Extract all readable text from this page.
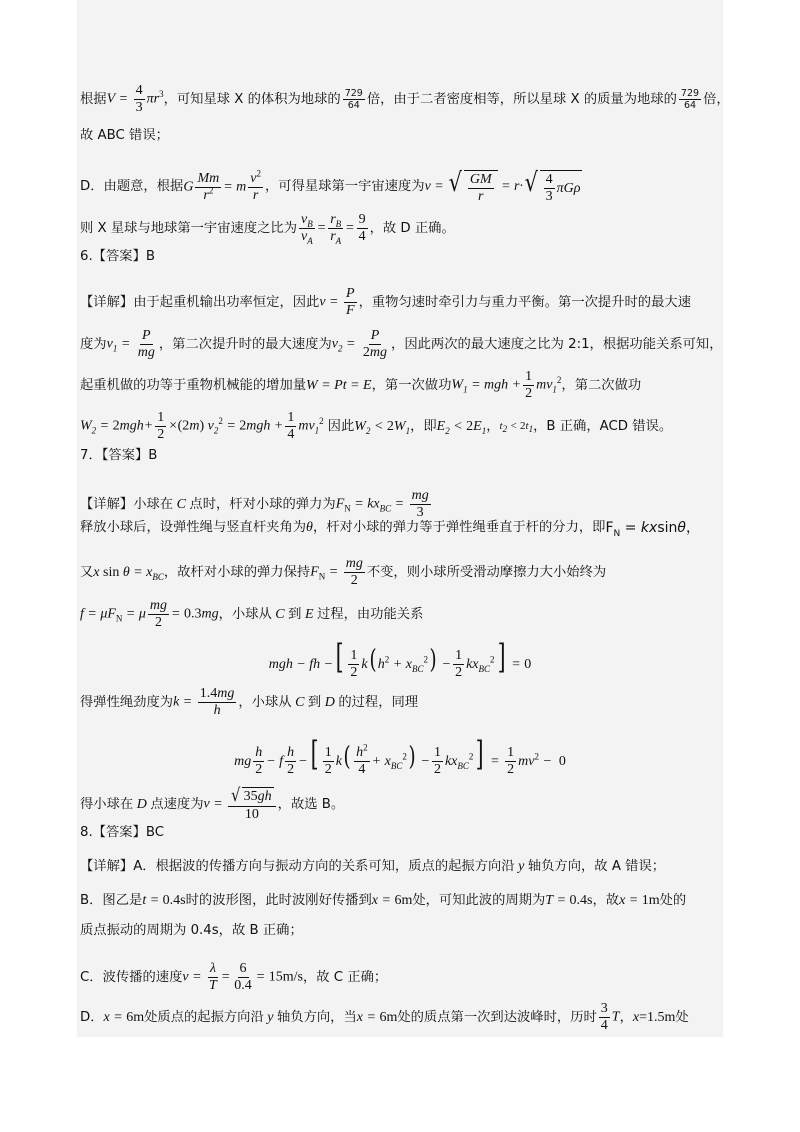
根据 $V = \frac{4}{3} \pi r^3$ ，可知星球 X 的体积为地球的 $\frac{729}{64}$ 倍，由于二者密度相等，所以星球 X 的质量为地球的 $\frac{729}{64}$ 倍，
故 ABC 错误；
D．由题意，根据 G $\frac{Mm}{r^2} = m \frac{v^2}{r}$ ，可得星球第一宇宙速度为 v = √ $\frac{GM}{r} = r\cdot$ √ $\frac{4}{3}$ πGρ
则 X 星球与地球第一宇宙速度之比为 $\frac{v_B}{v_A} = \frac{r_B}{r_A} = \frac{9}{4}$ ，故 D 正确。
6.【答案】B
【详解】 由于起重机输出功率恒定，因此 $v = \frac{P}{F}$ ，重物匀速时牵引力与重力平衡。第一次提升时的最大速
度为 $v_1 = \frac{P}{mg}$ ，第二次提升时的最大速度为 $v_2 = \frac{P}{2mg}$ ，因此两次的最大速度之比为 2:1，根据功能关系可知，
起重机做的功等于重物机械能的增加量 W = Pt = E ，第一次做功 $W_1$ = mgh + $\frac{1}{2} mv_1^2$ ，第二次做功
$W_2 = 2mgh+ \frac{1}{2} \times(2m) v_2^2 = 2mgh + \frac{1}{4} mv_1^2$ 因此 $W_2 < 2W_1$ ，即 $E_2 < 2E_1$ ， $t_2 < 2t_1$ ，B 正确，ACD 错误。
7．【答案】B
【详解】 小球在 C 点时，杆对小球的弹力为 $F_N = kx_{BC} = \frac{mg}{3}$
释放小球后，设弹性绳与竖直杆夹角为 θ ，杆对小球的弹力等于弹性绳垂直于杆的分力，即 $F_N = kxsin\theta$，
又 x $\sin \theta = x_{BC}$ ，故杆对小球的弹力保持 $F_N = \frac{mg}{2}$ 不变，则小球所受滑动摩擦力大小始终为
$f = \mu F_N = \mu \frac{mg}{2} = 0.3mg$ ，小球从 C 到 E 过程，由功能关系
mgh − fh −[ $\frac{1}{2} k$( $h^2 + x_{BC}^2) - \frac{1}{2} kx_{BC}^2] = 0$
得弹性绳劲度为 $k = \frac{1.4mg}{h}$ ，小球从 C 到 D 的过程，同理
mg $\frac{h}{2} - f \frac{h}{2}$ −[ $\frac{1}{2} k( \frac{h^2}{4} + x_{BC}^2) - \frac{1}{2} kx_{BC}^2] = \frac{1}{2} mv^2 - 0$
得小球在 D 点速度为 $v = \frac{√ 35 gh}{10}$ ，故选 B。
8.【答案】BC
【详解】 A．根据波的传播方向与振动方向的关系可知，质点的起振方向沿 y 轴负方向，故 A 错误；
B．图乙是 t = 0.4s 时的波形图，此时波刚好传播到 x = 6m 处，可知此波的周期为 T = 0.4s ，故 x = 1m 处的
质点振动的周期为 0.4s，故 B 正确；
C．波传播的速度 $v = \frac{\lambda}{T} = \frac{6}{0.4} = 15m/s$ ，故 C 正确；
D． x = 6m 处质点的起振方向沿 y 轴负方向，当 x = 6m 处的质点第一次到达波峰时，历时 $\frac{3}{4}$ T ， x=1.5m 处
